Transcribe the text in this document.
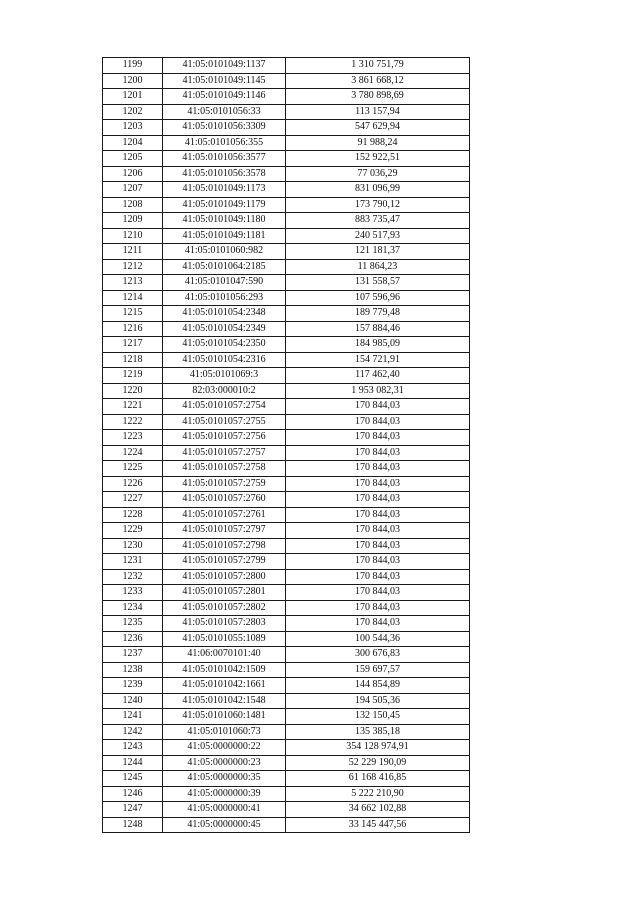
1199	41:05:0101049:1137	1 310 751,79
1200	41:05:0101049:1145	3 861 668,12
1201	41:05:0101049:1146	3 780 898,69
1202	41:05:0101056:33	113 157,94
1203	41:05:0101056:3309	547 629,94
1204	41:05:0101056:355	91 988,24
1205	41:05:0101056:3577	152 922,51
1206	41:05:0101056:3578	77 036,29
1207	41:05:0101049:1173	831 096,99
1208	41:05:0101049:1179	173 790,12
1209	41:05:0101049:1180	883 735,47
1210	41:05:0101049:1181	240 517,93
1211	41:05:0101060:982	121 181,37
1212	41:05:0101064:2185	11 864,23
1213	41:05:0101047:590	131 558,57
1214	41:05:0101056:293	107 596,96
1215	41:05:0101054:2348	189 779,48
1216	41:05:0101054:2349	157 884,46
1217	41:05:0101054:2350	184 985,09
1218	41:05:0101054:2316	154 721,91
1219	41:05:0101069:3	117 462,40
1220	82:03:000010:2	1 953 082,31
1221	41:05:0101057:2754	170 844,03
1222	41:05:0101057:2755	170 844,03
1223	41:05:0101057:2756	170 844,03
1224	41:05:0101057:2757	170 844,03
1225	41:05:0101057:2758	170 844,03
1226	41:05:0101057:2759	170 844,03
1227	41:05:0101057:2760	170 844,03
1228	41:05:0101057:2761	170 844,03
1229	41:05:0101057:2797	170 844,03
1230	41:05:0101057:2798	170 844,03
1231	41:05:0101057:2799	170 844,03
1232	41:05:0101057:2800	170 844,03
1233	41:05:0101057:2801	170 844,03
1234	41:05:0101057:2802	170 844,03
1235	41:05:0101057:2803	170 844,03
1236	41:05:0101055:1089	100 544,36
1237	41:06:0070101:40	300 676,83
1238	41:05:0101042:1509	159 697,57
1239	41:05:0101042:1661	144 854,89
1240	41:05:0101042:1548	194 505,36
1241	41:05:0101060:1481	132 150,45
1242	41:05:0101060:73	135 385,18
1243	41:05:0000000:22	354 128 974,91
1244	41:05:0000000:23	52 229 190,09
1245	41:05:0000000:35	61 168 416,85
1246	41:05:0000000:39	5 222 210,90
1247	41:05:0000000:41	34 662 102,88
1248	41:05:0000000:45	33 145 447,56
